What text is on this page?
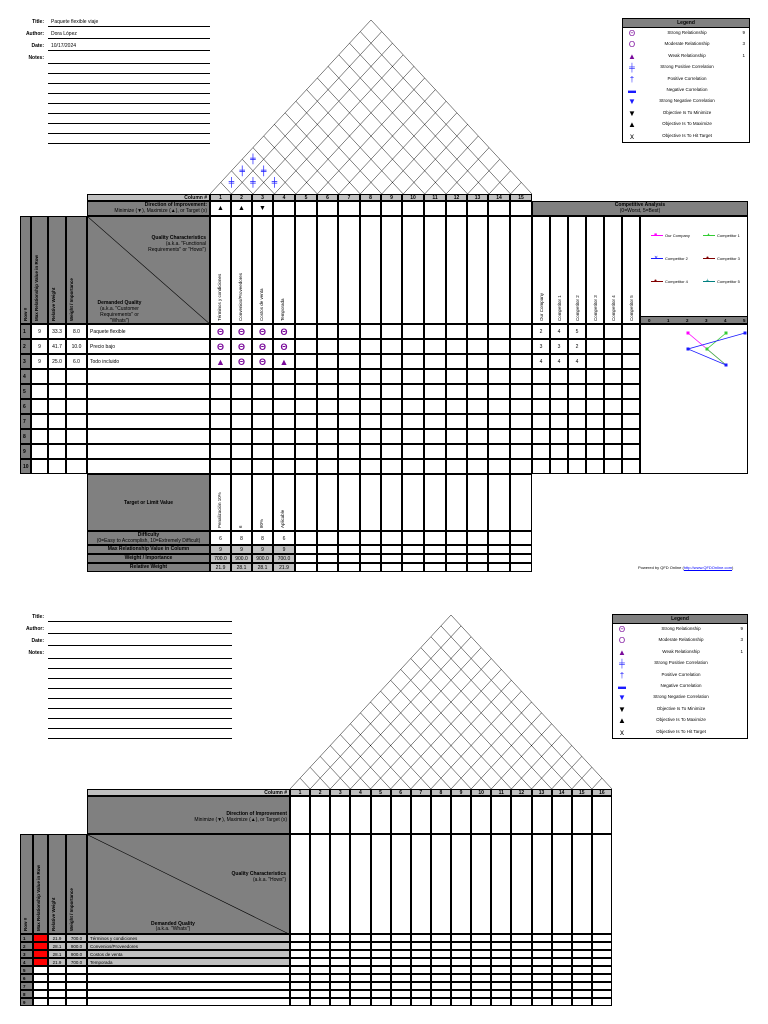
Title: Paquete flexible viaje
Author: Dora López
Date: 10/17/2024
Notes:
Legend
Θ	Strong Relationship	9
O	Moderate Relationship	3
▲	Weak Relationship	1
╪	Strong Positive Correlation
†	Positive Correlation
▬	Negative Correlation
▼	Strong Negative Correlation
▼	Objective Is To Minimize
▲	Objective Is To Maximize
x	Objective Is To Hit Target
╪
╪
╪
╪
╪
╪
Column #	1	2	3	4	5	6	7	8	9	10	11	12	13	14	15
Direction of Improvement:
Minimize (▼), Maximize (▲), or Target (x)	▲	▲	▼
Row # Max Relationship Value in Row	Relative Weight	Weight / Importance
Quality Characteristics
(a.k.a. "Functional Requirements" or "Hows")
Demanded Quality
(a.k.a. "Customer Requirements" or "Whats")	Términos y condiciones	Convenios/Proveedores	Costos de venta	Temporada
Competitive Analysis
(0=Worst, 5=Best)
Our Company	Competitor 1	Competitor 2	Competitor 3	Competitor 4	Competitor 5
■ Our Company	▲ Competitor 1
✕ Competitor 2	● Competitor 3
● Competitor 4	+ Competitor 5
0	1	2	3	4	5
1	9	33.3	8.0	Paquete flexible	Θ	Θ	Θ	Θ	2	4	5
2	9	41.7	10.0	Precio bajo	Θ	Θ	Θ	Θ	3	3	2
3	9	25.0	6.0	Todo incluido	▲	Θ	Θ	▲	4	4	4
4
5
6
7
8
9
10
Target or Limit Value	Penalización 10%	6	80%	Aplicable
Difficulty
(0=Easy to Accomplish, 10=Extremely Difficult)	6	8	8	6
Max Relationship Value in Column	9	9	9	9
Weight / Importance	700.0	900.0	900.0	700.0
Relative Weight	21.9	28.1	28.1	21.9	Powered by QFD Online (http://www.QFDOnline.com)
Title:
Author:
Date:
Notes:
Legend
Θ	Strong Relationship	9
O	Moderate Relationship	3
▲	Weak Relationship	1
╪	Strong Positive Correlation
†	Positive Correlation
▬	Negative Correlation
▼	Strong Negative Correlation
▼	Objective Is To Minimize
▲	Objective Is To Maximize
x	Objective Is To Hit Target
Column #	1	2	3	4	5	6	7	8	9	10	11	12	13	14	15	16
Direction of Improvement
Minimize (▼), Maximize (▲), or Target (x)
Row # Max Relationship Value in Row Relative Weight	Weight / Importance
Quality Characteristics
(a.k.a. "Hows")
Demanded Quality
(a.k.a. "Whats")
1	21.9	700.0	Términos y condiciones
2	28.1	900.0	Convenios/Proveedores
3	28.1	900.0	Costos de venta
4	21.9	700.0	Temporada
5
6
7
8
9
